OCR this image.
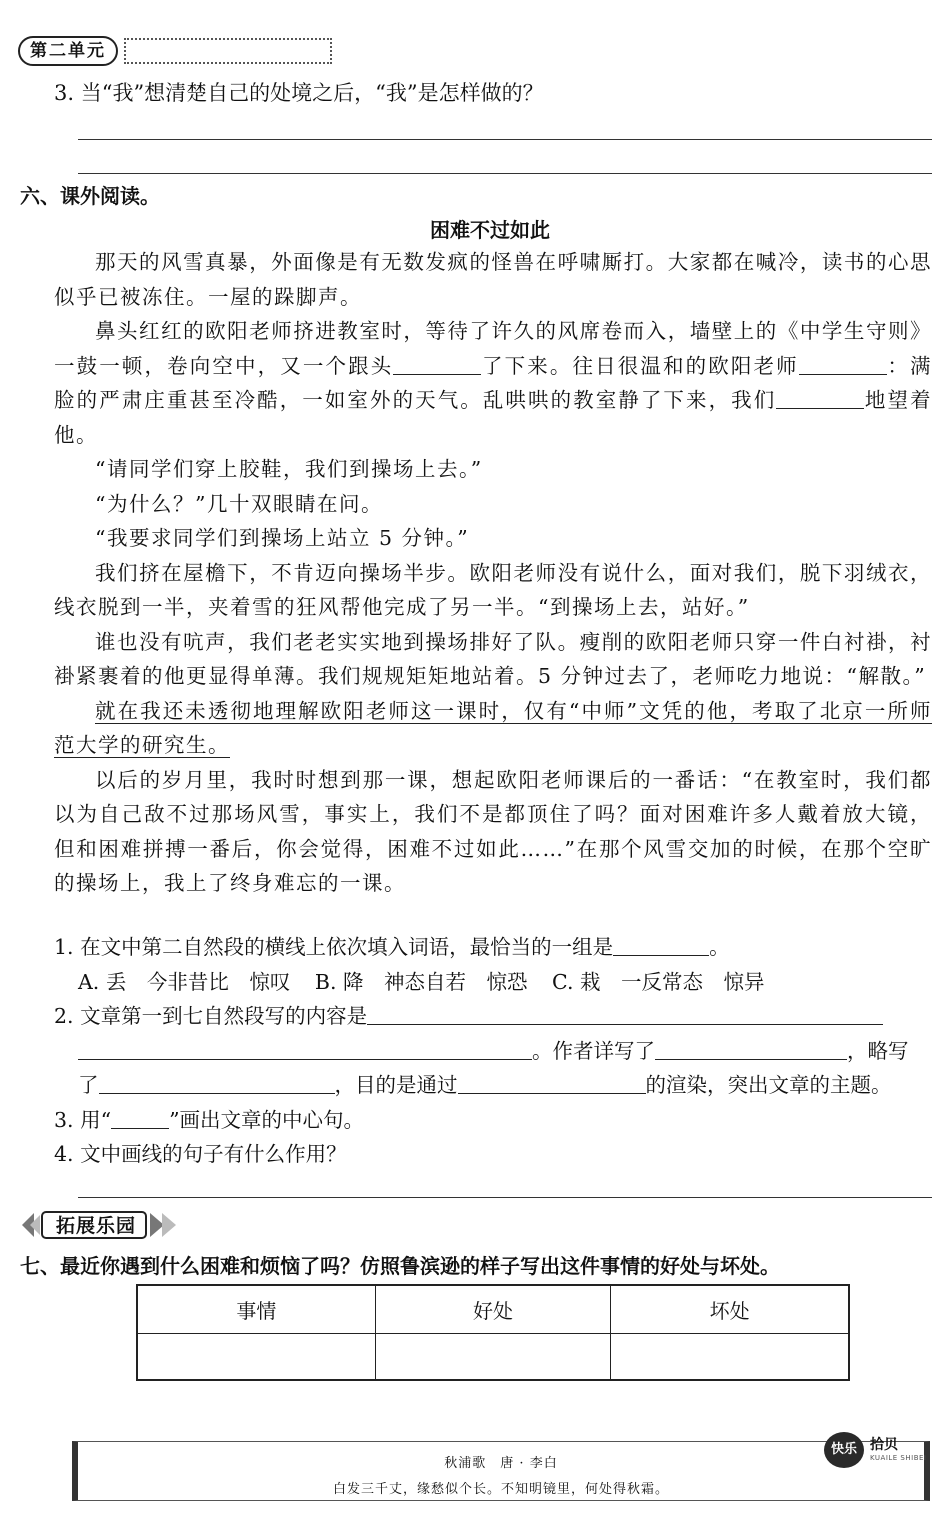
第二单元
3. 当“我”想清楚自己的处境之后，“我”是怎样做的？
六、课外阅读。
困难不过如此

那天的风雪真暴，外面像是有无数发疯的怪兽在呼啸厮打。大家都在喊冷，读书的心思似乎已被冻住。一屋的跺脚声。

鼻头红红的欧阳老师挤进教室时，等待了许久的风席卷而入，墙壁上的《中学生守则》一鼓一顿，卷向空中，又一个跟头	了下来。往日很温和的欧阳老师	：满脸的严肃庄重甚至冷酷，一如室外的天气。乱哄哄的教室静了下来，我们	地望着他。

“请同学们穿上胶鞋，我们到操场上去。”

“为什么？”几十双眼睛在问。

“我要求同学们到操场上站立 5 分钟。”

我们挤在屋檐下，不肯迈向操场半步。欧阳老师没有说什么，面对我们，脱下羽绒衣，线衣脱到一半，夹着雪的狂风帮他完成了另一半。“到操场上去，站好。”

谁也没有吭声，我们老老实实地到操场排好了队。瘦削的欧阳老师只穿一件白衬褂，衬褂紧裹着的他更显得单薄。我们规规矩矩地站着。5 分钟过去了，老师吃力地说：“解散。”

就在我还未透彻地理解欧阳老师这一课时，仅有“中师”文凭的他，考取了北京一所师范大学的研究生。

以后的岁月里，我时时想到那一课，想起欧阳老师课后的一番话：“在教室时，我们都以为自己敌不过那场风雪，事实上，我们不是都顶住了吗？面对困难许多人戴着放大镜，但和困难拼搏一番后，你会觉得，困难不过如此……”在那个风雪交加的时候，在那个空旷的操场上，我上了终身难忘的一课。

1. 在文中第二自然段的横线上依次填入词语，最恰当的一组是	。
A. 丢　今非昔比　惊叹 B. 降　神态自若　惊恐 C. 栽　一反常态　惊异
2. 文章第一到七自然段写的内容是
。作者详写了	，略写
了	，目的是通过	的渲染，突出文章的主题。
3. 用“	”画出文章的中心句。
4. 文中画线的句子有什么作用？
拓展乐园
七、最近你遇到什么困难和烦恼了吗？仿照鲁滨逊的样子写出这件事情的好处与坏处。
事情	好处	坏处

秋浦歌　唐 · 李白
白发三千丈，缘愁似个长。不知明镜里，何处得秋霜。
快乐 拾贝
KUAILE SHIBEI
